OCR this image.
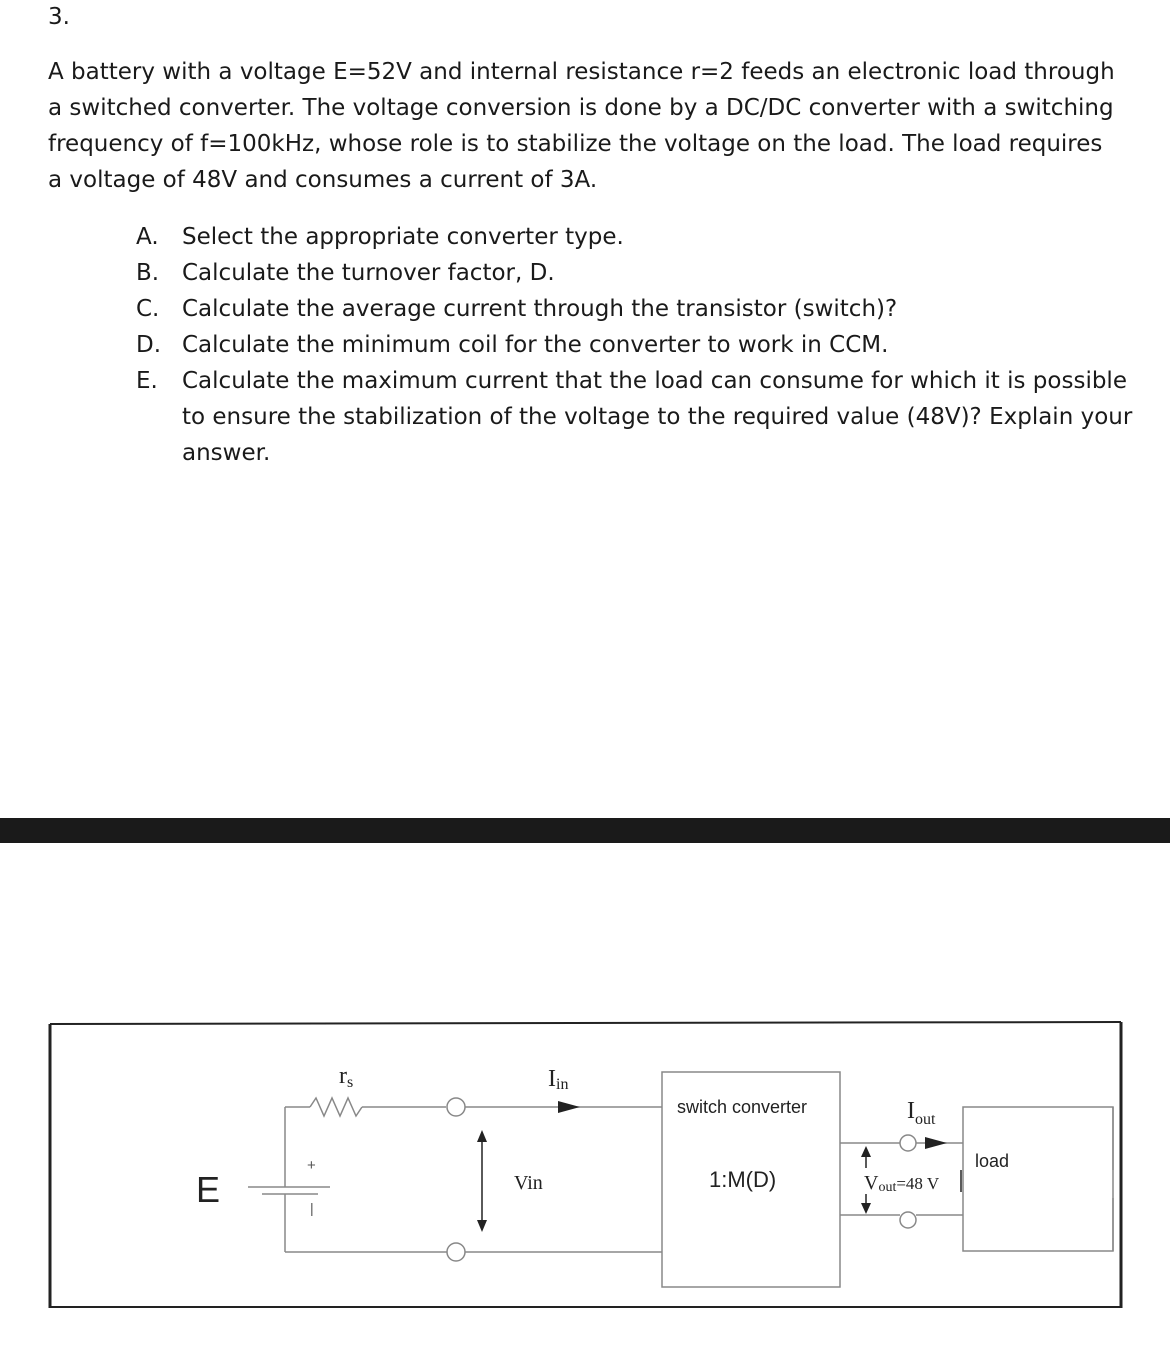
3.
A battery with a voltage E=52V and internal resistance r=2 feeds an electronic load through a switched converter. The voltage conversion is done by a DC/DC converter with a switching frequency of f=100kHz, whose role is to stabilize the voltage on the load. The load requires a voltage of 48V and consumes a current of 3A.
A. Select the appropriate converter type.
B. Calculate the turnover factor, D.
C. Calculate the average current through the transistor (switch)?
D. Calculate the minimum coil for the converter to work in CCM.
E. Calculate the maximum current that the load can consume for which it is possible to ensure the stabilization of the voltage to the required value (48V)? Explain your answer.
E
+
|
rs	Iin
Vin
switch converter
1:M(D)
$I_{out}$
Vout=48 V
load
